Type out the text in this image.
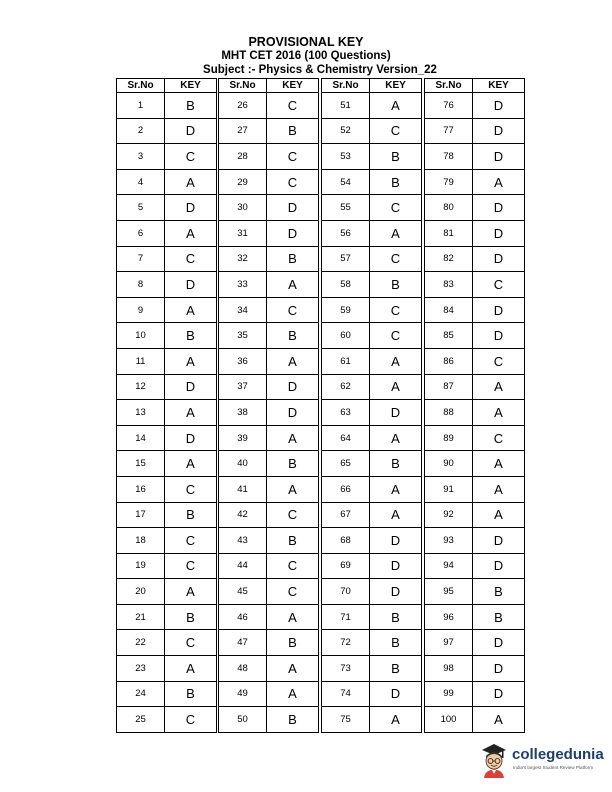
PROVISIONAL KEY
MHT CET 2016 (100 Questions)
Subject :- Physics & Chemistry Version_22
Sr.No	KEY
1	B
2	D
3	C
4	A
5	D
6	A
7	C
8	D
9	A
10	B
11	A
12	D
13	A
14	D
15	A
16	C
17	B
18	C
19	C
20	A
21	B
22	C
23	A
24	B
25	C
Sr.No	KEY
26	C
27	B
28	C
29	C
30	D
31	D
32	B
33	A
34	C
35	B
36	A
37	D
38	D
39	A
40	B
41	A
42	C
43	B
44	C
45	C
46	A
47	B
48	A
49	A
50	B
Sr.No	KEY
51	A
52	C
53	B
54	B
55	C
56	A
57	C
58	B
59	C
60	C
61	A
62	A
63	D
64	A
65	B
66	A
67	A
68	D
69	D
70	D
71	B
72	B
73	B
74	D
75	A
Sr.No	KEY
76	D
77	D
78	D
79	A
80	D
81	D
82	D
83	C
84	D
85	D
86	C
87	A
88	A
89	C
90	A
91	A
92	A
93	D
94	D
95	B
96	B
97	D
98	D
99	D
100	A
collegedunia
India's largest Student Review Platform
